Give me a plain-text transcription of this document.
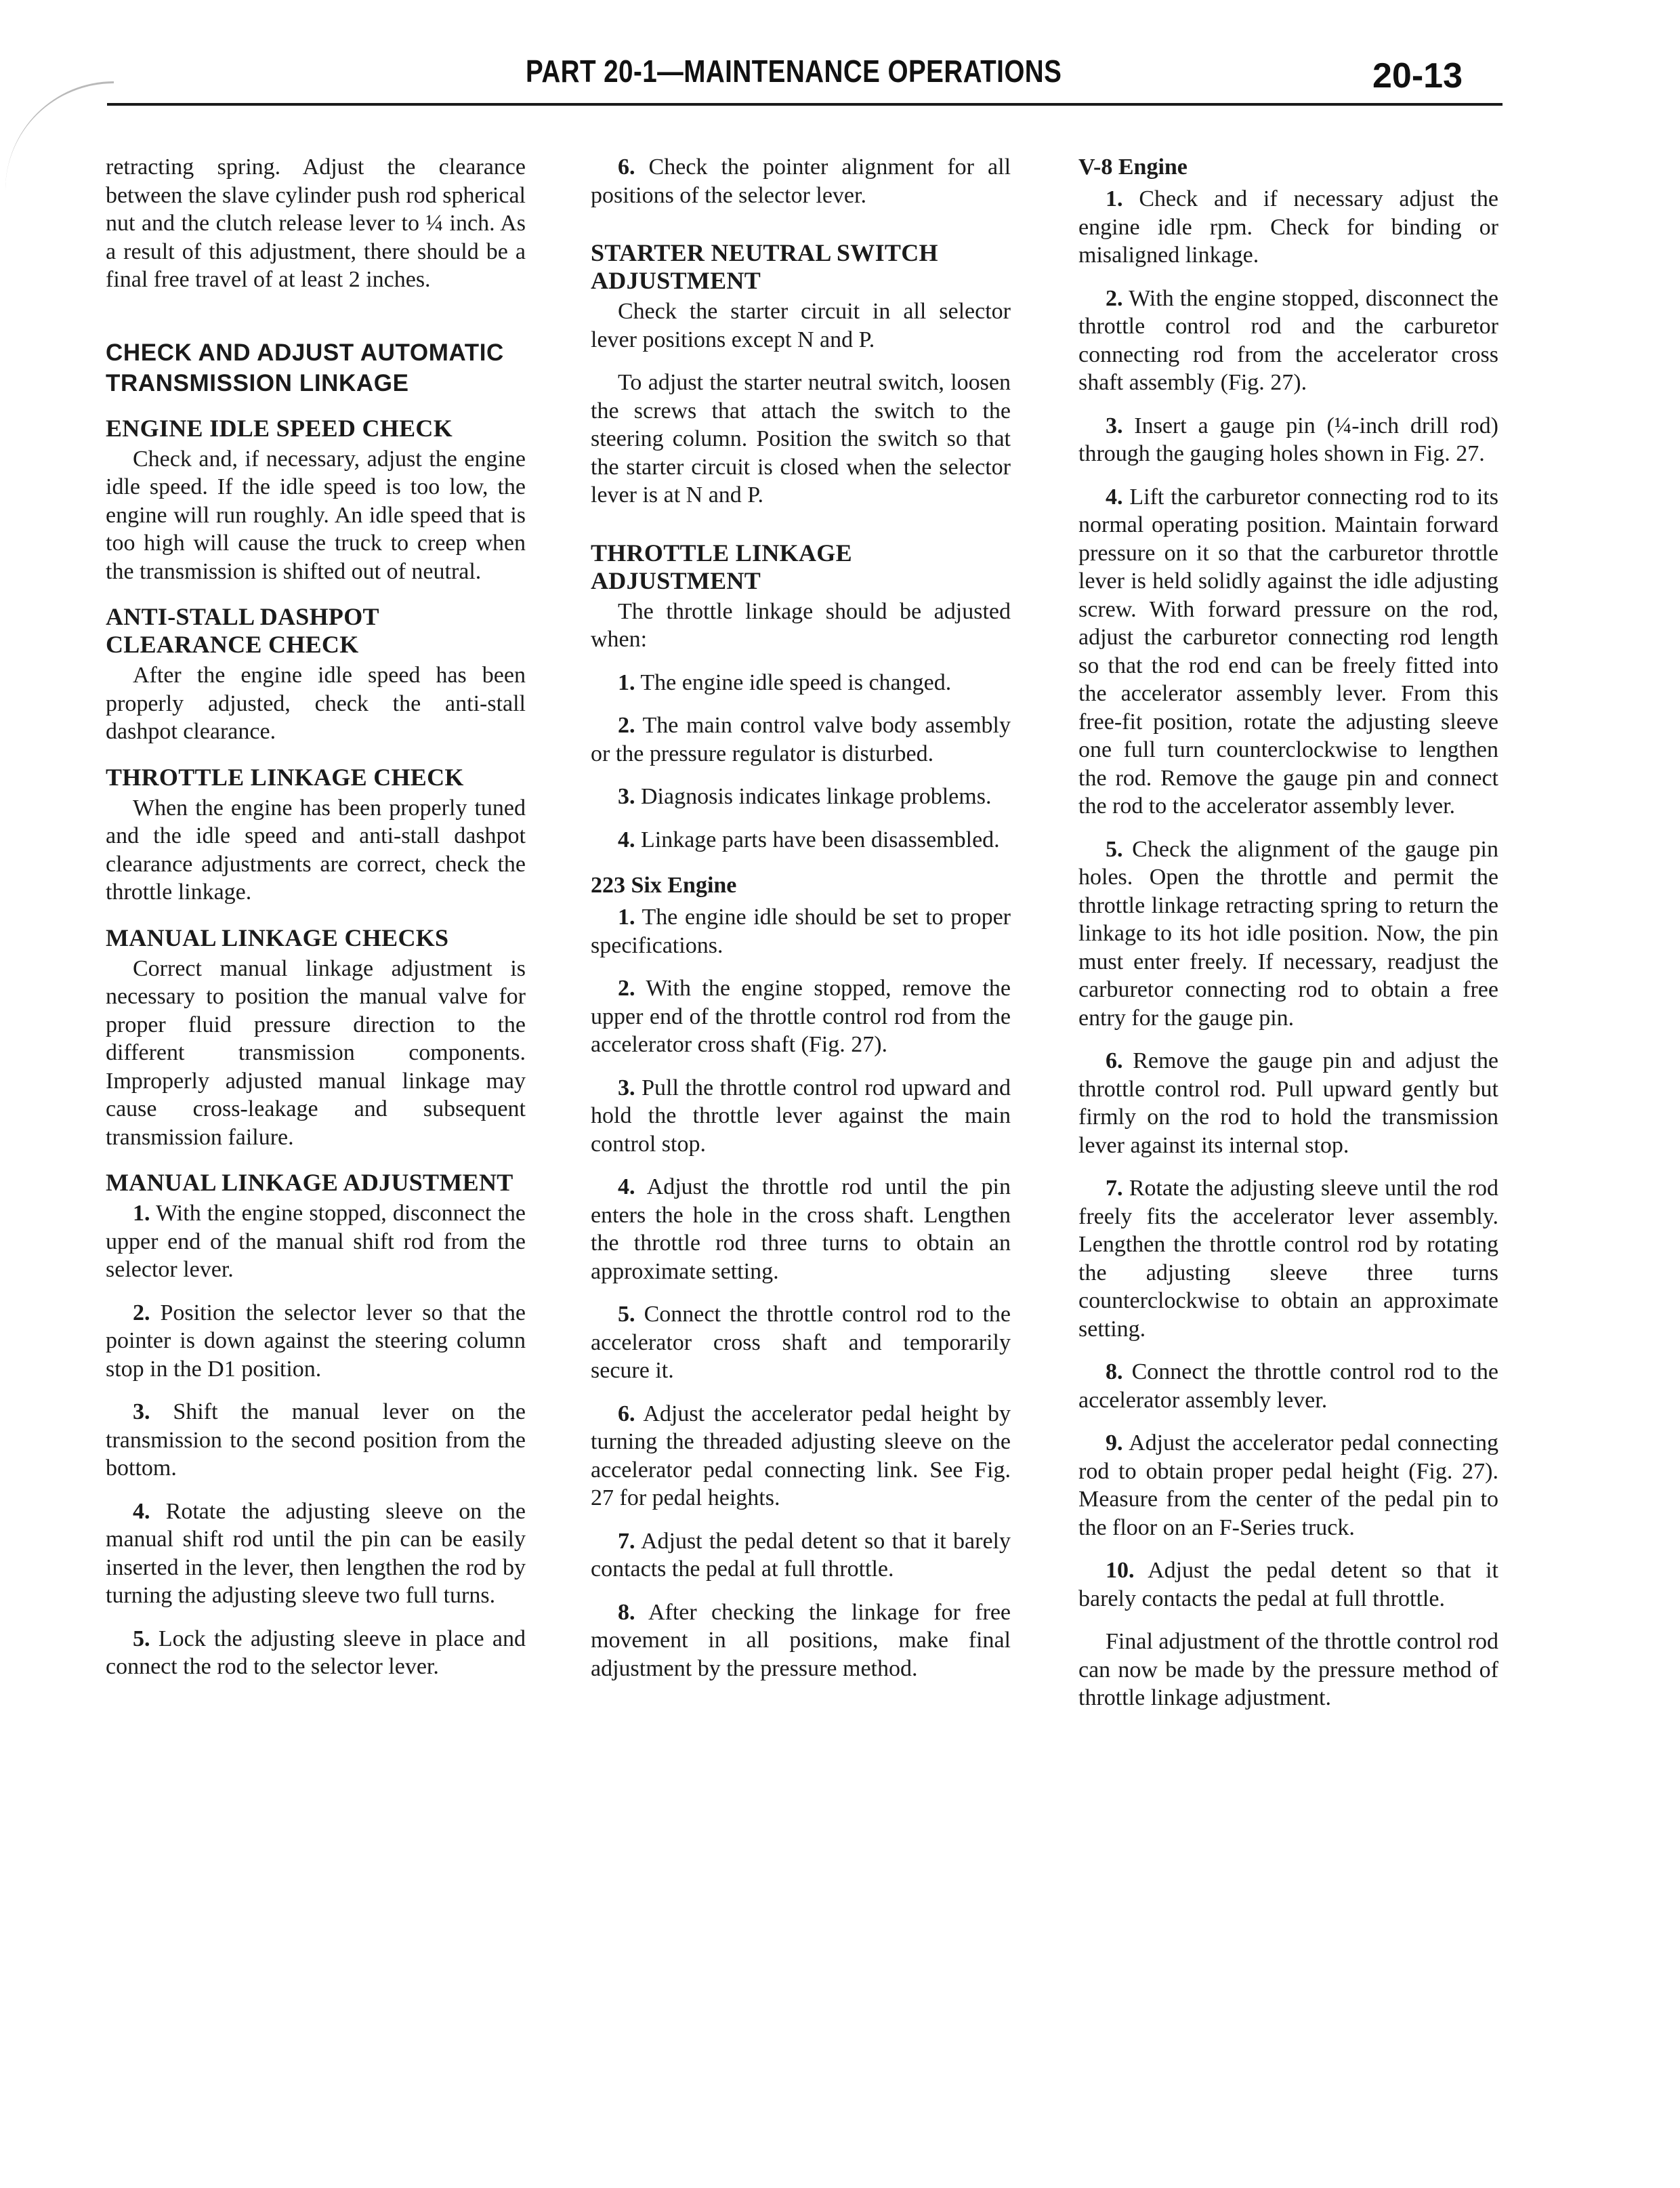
PART 20-1—MAINTENANCE OPERATIONS	20-13

retracting spring. Adjust the clearance between the slave cylinder push rod spherical nut and the clutch release lever to ¼ inch. As a result of this adjustment, there should be a final free travel of at least 2 inches.

CHECK AND ADJUST AUTOMATIC TRANSMISSION LINKAGE
ENGINE IDLE SPEED CHECK

Check and, if necessary, adjust the engine idle speed. If the idle speed is too low, the engine will run roughly. An idle speed that is too high will cause the truck to creep when the transmission is shifted out of neutral.

ANTI-STALL DASHPOT CLEARANCE CHECK

After the engine idle speed has been properly adjusted, check the anti-stall dashpot clearance.

THROTTLE LINKAGE CHECK

When the engine has been properly tuned and the idle speed and anti-stall dashpot clearance adjustments are correct, check the throttle linkage.

MANUAL LINKAGE CHECKS

Correct manual linkage adjustment is necessary to position the manual valve for proper fluid pressure direction to the different transmission components. Improperly adjusted manual linkage may cause cross-leakage and subsequent transmission failure.

MANUAL LINKAGE ADJUSTMENT

1. With the engine stopped, disconnect the upper end of the manual shift rod from the selector lever.

2. Position the selector lever so that the pointer is down against the steering column stop in the D1 position.

3. Shift the manual lever on the transmission to the second position from the bottom.

4. Rotate the adjusting sleeve on the manual shift rod until the pin can be easily inserted in the lever, then lengthen the rod by turning the adjusting sleeve two full turns.

5. Lock the adjusting sleeve in place and connect the rod to the selector lever.

6. Check the pointer alignment for all positions of the selector lever.

STARTER NEUTRAL SWITCH ADJUSTMENT

Check the starter circuit in all selector lever positions except N and P.

To adjust the starter neutral switch, loosen the screws that attach the switch to the steering column. Position the switch so that the starter circuit is closed when the selector lever is at N and P.

THROTTLE LINKAGE ADJUSTMENT

The throttle linkage should be adjusted when:

1. The engine idle speed is changed.

2. The main control valve body assembly or the pressure regulator is disturbed.

3. Diagnosis indicates linkage problems.

4. Linkage parts have been disassembled.

223 Six Engine

1. The engine idle should be set to proper specifications.

2. With the engine stopped, remove the upper end of the throttle control rod from the accelerator cross shaft (Fig. 27).

3. Pull the throttle control rod upward and hold the throttle lever against the main control stop.

4. Adjust the throttle rod until the pin enters the hole in the cross shaft. Lengthen the throttle rod three turns to obtain an approximate setting.

5. Connect the throttle control rod to the accelerator cross shaft and temporarily secure it.

6. Adjust the accelerator pedal height by turning the threaded adjusting sleeve on the accelerator pedal connecting link. See Fig. 27 for pedal heights.

7. Adjust the pedal detent so that it barely contacts the pedal at full throttle.

8. After checking the linkage for free movement in all positions, make final adjustment by the pressure method.

V-8 Engine

1. Check and if necessary adjust the engine idle rpm. Check for binding or misaligned linkage.

2. With the engine stopped, disconnect the throttle control rod and the carburetor connecting rod from the accelerator cross shaft assembly (Fig. 27).

3. Insert a gauge pin (¼-inch drill rod) through the gauging holes shown in Fig. 27.

4. Lift the carburetor connecting rod to its normal operating position. Maintain forward pressure on it so that the carburetor throttle lever is held solidly against the idle adjusting screw. With forward pressure on the rod, adjust the carburetor connecting rod length so that the rod end can be freely fitted into the accelerator assembly lever. From this free-fit position, rotate the adjusting sleeve one full turn counterclockwise to lengthen the rod. Remove the gauge pin and connect the rod to the accelerator assembly lever.

5. Check the alignment of the gauge pin holes. Open the throttle and permit the throttle linkage retracting spring to return the linkage to its hot idle position. Now, the pin must enter freely. If necessary, readjust the carburetor connecting rod to obtain a free entry for the gauge pin.

6. Remove the gauge pin and adjust the throttle control rod. Pull upward gently but firmly on the rod to hold the transmission lever against its internal stop.

7. Rotate the adjusting sleeve until the rod freely fits the accelerator lever assembly. Lengthen the throttle control rod by rotating the adjusting sleeve three turns counterclockwise to obtain an approximate setting.

8. Connect the throttle control rod to the accelerator assembly lever.

9. Adjust the accelerator pedal connecting rod to obtain proper pedal height (Fig. 27). Measure from the center of the pedal pin to the floor on an F-Series truck.

10. Adjust the pedal detent so that it barely contacts the pedal at full throttle.

Final adjustment of the throttle control rod can now be made by the pressure method of throttle linkage adjustment.
